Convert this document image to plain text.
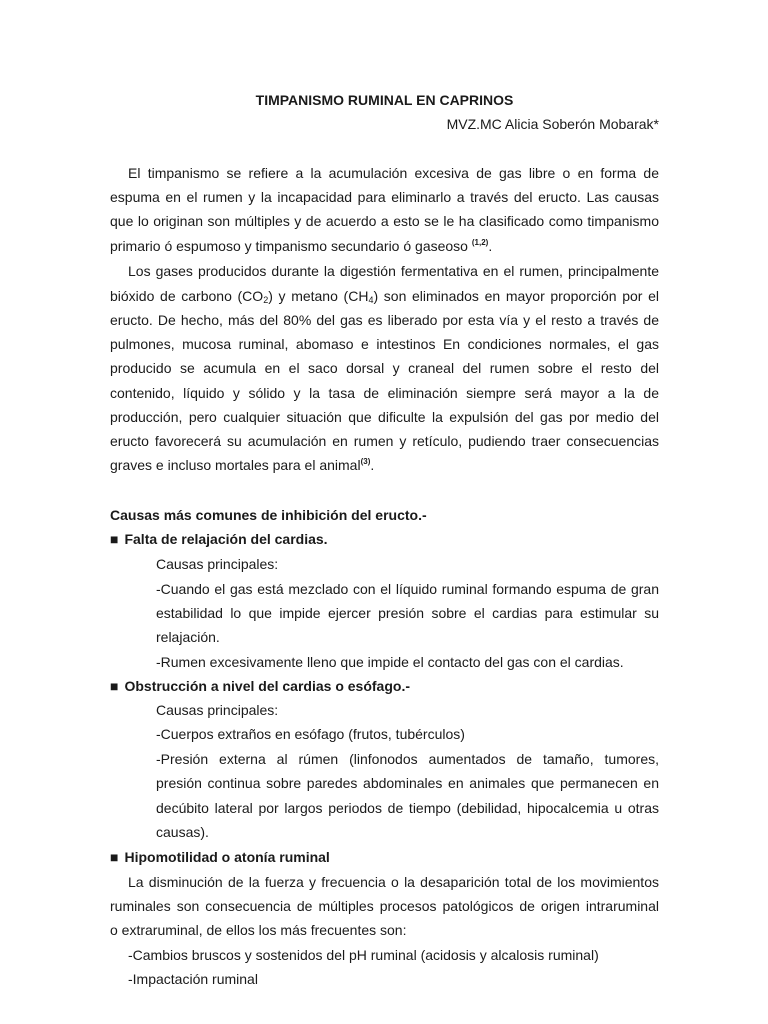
TIMPANISMO RUMINAL EN CAPRINOS
MVZ.MC Alicia Soberón Mobarak*
El timpanismo se refiere a la acumulación excesiva de gas libre o en forma de
espuma en el rumen y la incapacidad para eliminarlo a través del eructo. Las causas
que lo originan son múltiples y de acuerdo a esto se le ha clasificado como timpanismo
primario ó espumoso y timpanismo secundario ó gaseoso $^{(1,2)}$.
Los gases producidos durante la digestión fermentativa en el rumen, principalmente
bióxido de carbono $(CO_2)$ y metano $(CH_4)$ son eliminados en mayor proporción por el
eructo. De hecho, más del 80% del gas es liberado por esta vía y el resto a través de
pulmones, mucosa ruminal, abomaso e intestinos En condiciones normales, el gas
producido se acumula en el saco dorsal y craneal del rumen sobre el resto del
contenido, líquido y sólido y la tasa de eliminación siempre será mayor a la de
producción, pero cualquier situación que dificulte la expulsión del gas por medio del
eructo favorecerá su acumulación en rumen y retículo, pudiendo traer consecuencias
graves e incluso mortales para el animal$^{(3)}$.
Causas más comunes de inhibición del eructo.-
■ Falta de relajación del cardias.
Causas principales:
-Cuando el gas está mezclado con el líquido ruminal formando espuma de gran
estabilidad lo que impide ejercer presión sobre el cardias para estimular su
relajación.
-Rumen excesivamente lleno que impide el contacto del gas con el cardias.
■ Obstrucción a nivel del cardias o esófago.-
Causas principales:
-Cuerpos extraños en esófago (frutos, tubérculos)
-Presión externa al rúmen (linfonodos aumentados de tamaño, tumores,
presión continua sobre paredes abdominales en animales que permanecen en
decúbito lateral por largos periodos de tiempo (debilidad, hipocalcemia u otras
causas).
■ Hipomotilidad o atonía ruminal
La disminución de la fuerza y frecuencia o la desaparición total de los movimientos
ruminales son consecuencia de múltiples procesos patológicos de origen intraruminal
o extraruminal, de ellos los más frecuentes son:
-Cambios bruscos y sostenidos del pH ruminal (acidosis y alcalosis ruminal)
-Impactación ruminal
